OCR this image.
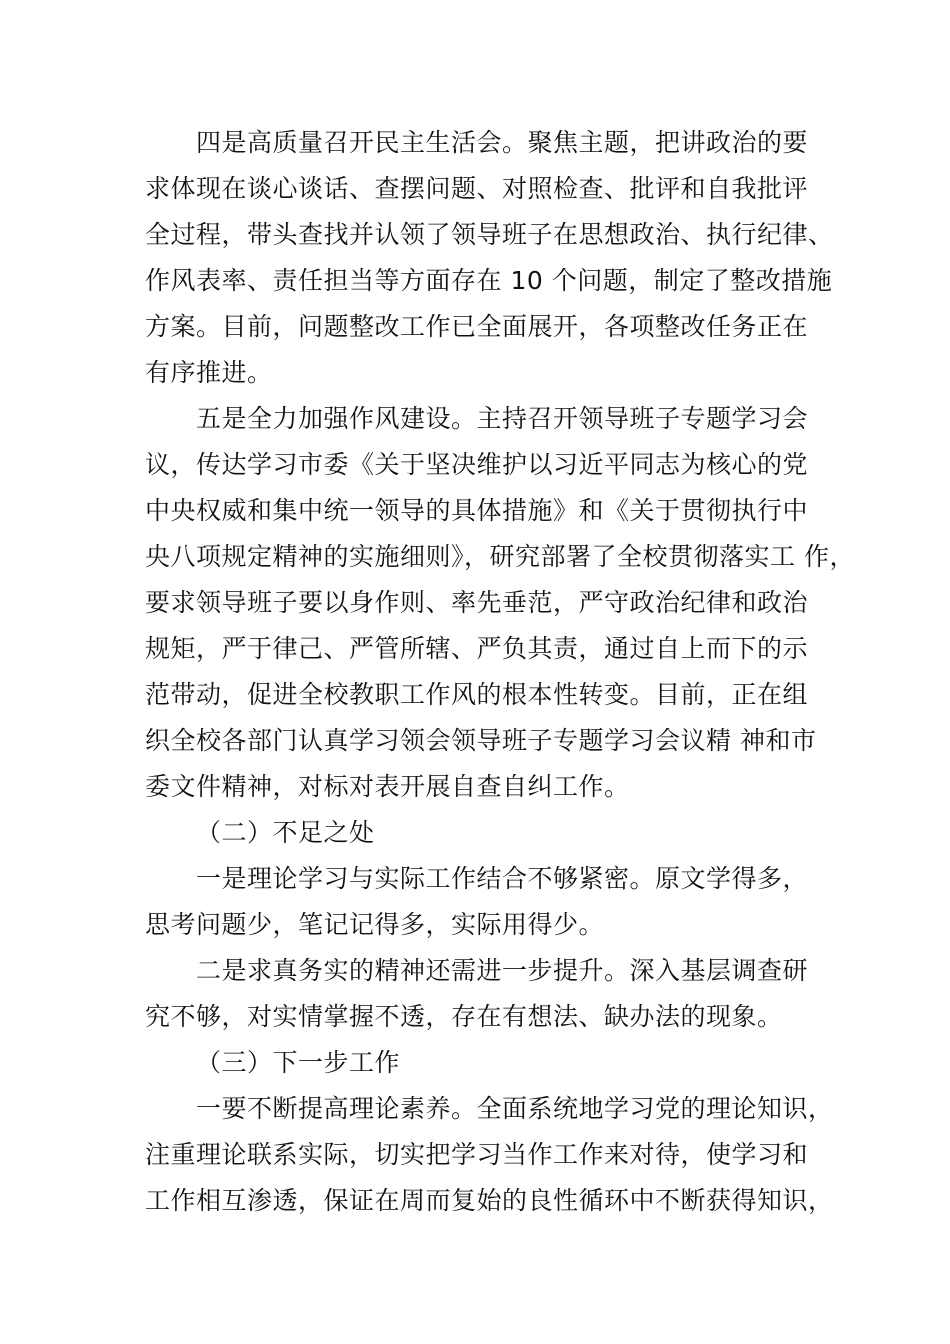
四是高质量召开民主生活会。聚焦主题，把讲政治的要
求体现在谈心谈话、查摆问题、对照检查、批评和自我批评
全过程，带头查找并认领了领导班子在思想政治、执行纪律、
作风表率、责任担当等方面存在 10 个问题，制定了整改措施
方案。目前，问题整改工作已全面展开，各项整改任务正在
有序推进。
五是全力加强作风建设。主持召开领导班子专题学习会
议，传达学习市委《关于坚决维护以习近平同志为核心的党
中央权威和集中统一领导的具体措施》和《关于贯彻执行中
央八项规定精神的实施细则》，研究部署了全校贯彻落实工 作，
要求领导班子要以身作则、率先垂范，严守政治纪律和政治
规矩，严于律己、严管所辖、严负其责，通过自上而下的示
范带动，促进全校教职工作风的根本性转变。目前，正在组
织全校各部门认真学习领会领导班子专题学习会议精 神和市
委文件精神，对标对表开展自查自纠工作。
（二）不足之处
一是理论学习与实际工作结合不够紧密。原文学得多，
思考问题少，笔记记得多，实际用得少。
二是求真务实的精神还需进一步提升。深入基层调查研
究不够，对实情掌握不透，存在有想法、缺办法的现象。
（三）下一步工作
一要不断提高理论素养。全面系统地学习党的理论知识，
注重理论联系实际，切实把学习当作工作来对待，使学习和
工作相互渗透，保证在周而复始的良性循环中不断获得知识，
